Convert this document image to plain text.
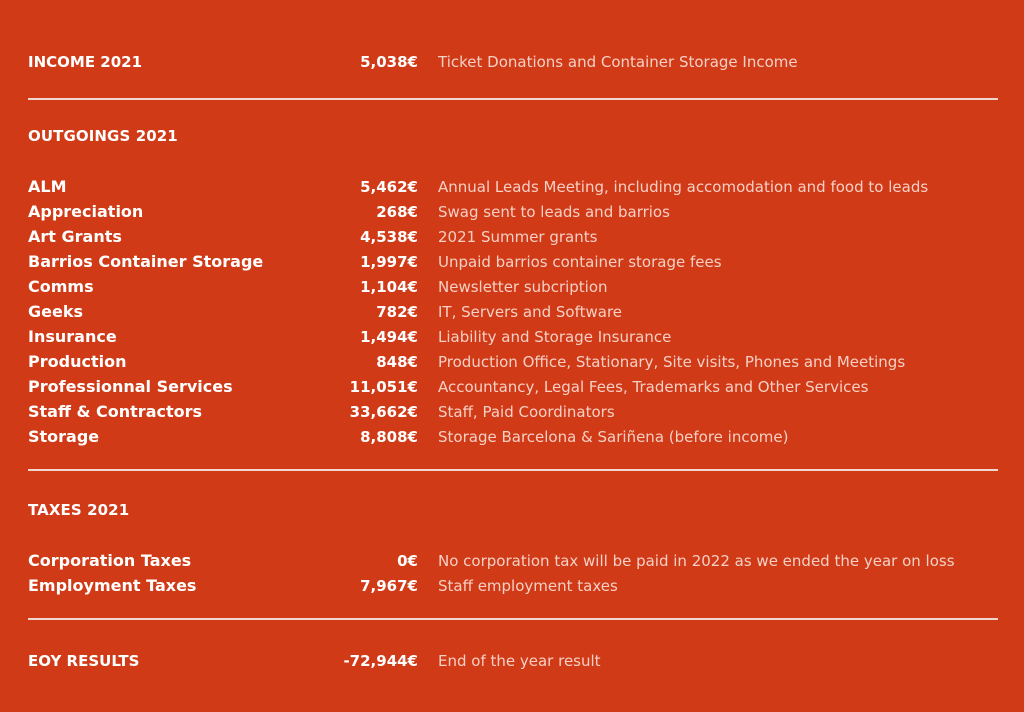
INCOME 2021	5,038€ Ticket Donations and Container Storage Income
OUTGOINGS 2021
ALM	5,462€ Annual Leads Meeting, including accomodation and food to leads
Appreciation	268€ Swag sent to leads and barrios
Art Grants	4,538€ 2021 Summer grants
Barrios Container Storage	1,997€ Unpaid barrios container storage fees
Comms	1,104€ Newsletter subcription
Geeks	782€ IT, Servers and Software
Insurance	1,494€ Liability and Storage Insurance
Production	848€ Production Office, Stationary, Site visits, Phones and Meetings
Professionnal Services	11,051€ Accountancy, Legal Fees, Trademarks and Other Services
Staff & Contractors	33,662€ Staff, Paid Coordinators
Storage	8,808€ Storage Barcelona & Sariñena (before income)
TAXES 2021
Corporation Taxes	0€ No corporation tax will be paid in 2022 as we ended the year on loss
Employment Taxes	7,967€ Staff employment taxes
EOY RESULTS	-72,944€ End of the year result
